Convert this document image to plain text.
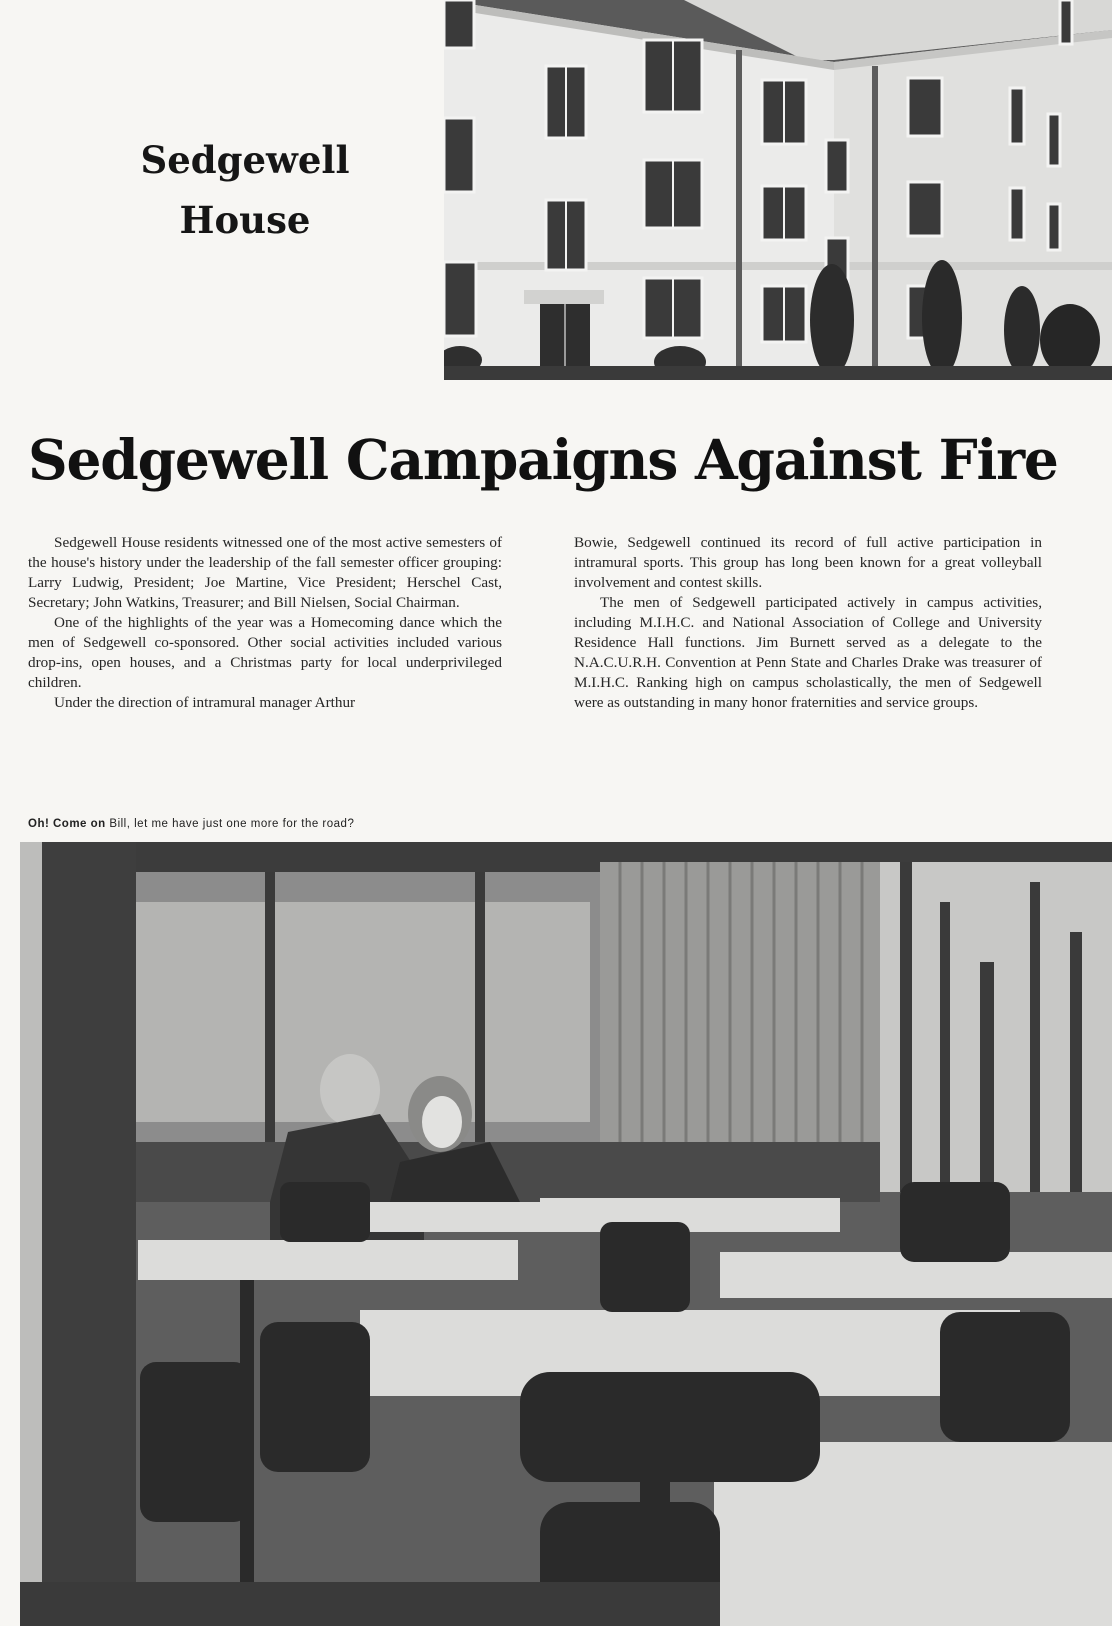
Sedgewell
House
Sedgewell Campaigns Against Fire

Sedgewell House residents witnessed one of the most active semesters of the house's history under the leadership of the fall semester officer grouping: Larry Ludwig, President; Joe Martine, Vice President; Herschel Cast, Secretary; John Watkins, Treasurer; and Bill Nielsen, Social Chairman.

One of the highlights of the year was a Homecoming dance which the men of Sedgewell co-sponsored. Other social activities included various drop-ins, open houses, and a Christmas party for local underprivileged children.

Under the direction of intramural manager Arthur

Bowie, Sedgewell continued its record of full active participation in intramural sports. This group has long been known for a great volleyball involvement and contest skills.

The men of Sedgewell participated actively in campus activities, including M.I.H.C. and National Association of College and University Residence Hall functions. Jim Burnett served as a delegate to the N.A.C.U.R.H. Convention at Penn State and Charles Drake was treasurer of M.I.H.C. Ranking high on campus scholastically, the men of Sedgewell were as outstanding in many honor fraternities and service groups.

Oh! Come on Bill, let me have just one more for the road?
